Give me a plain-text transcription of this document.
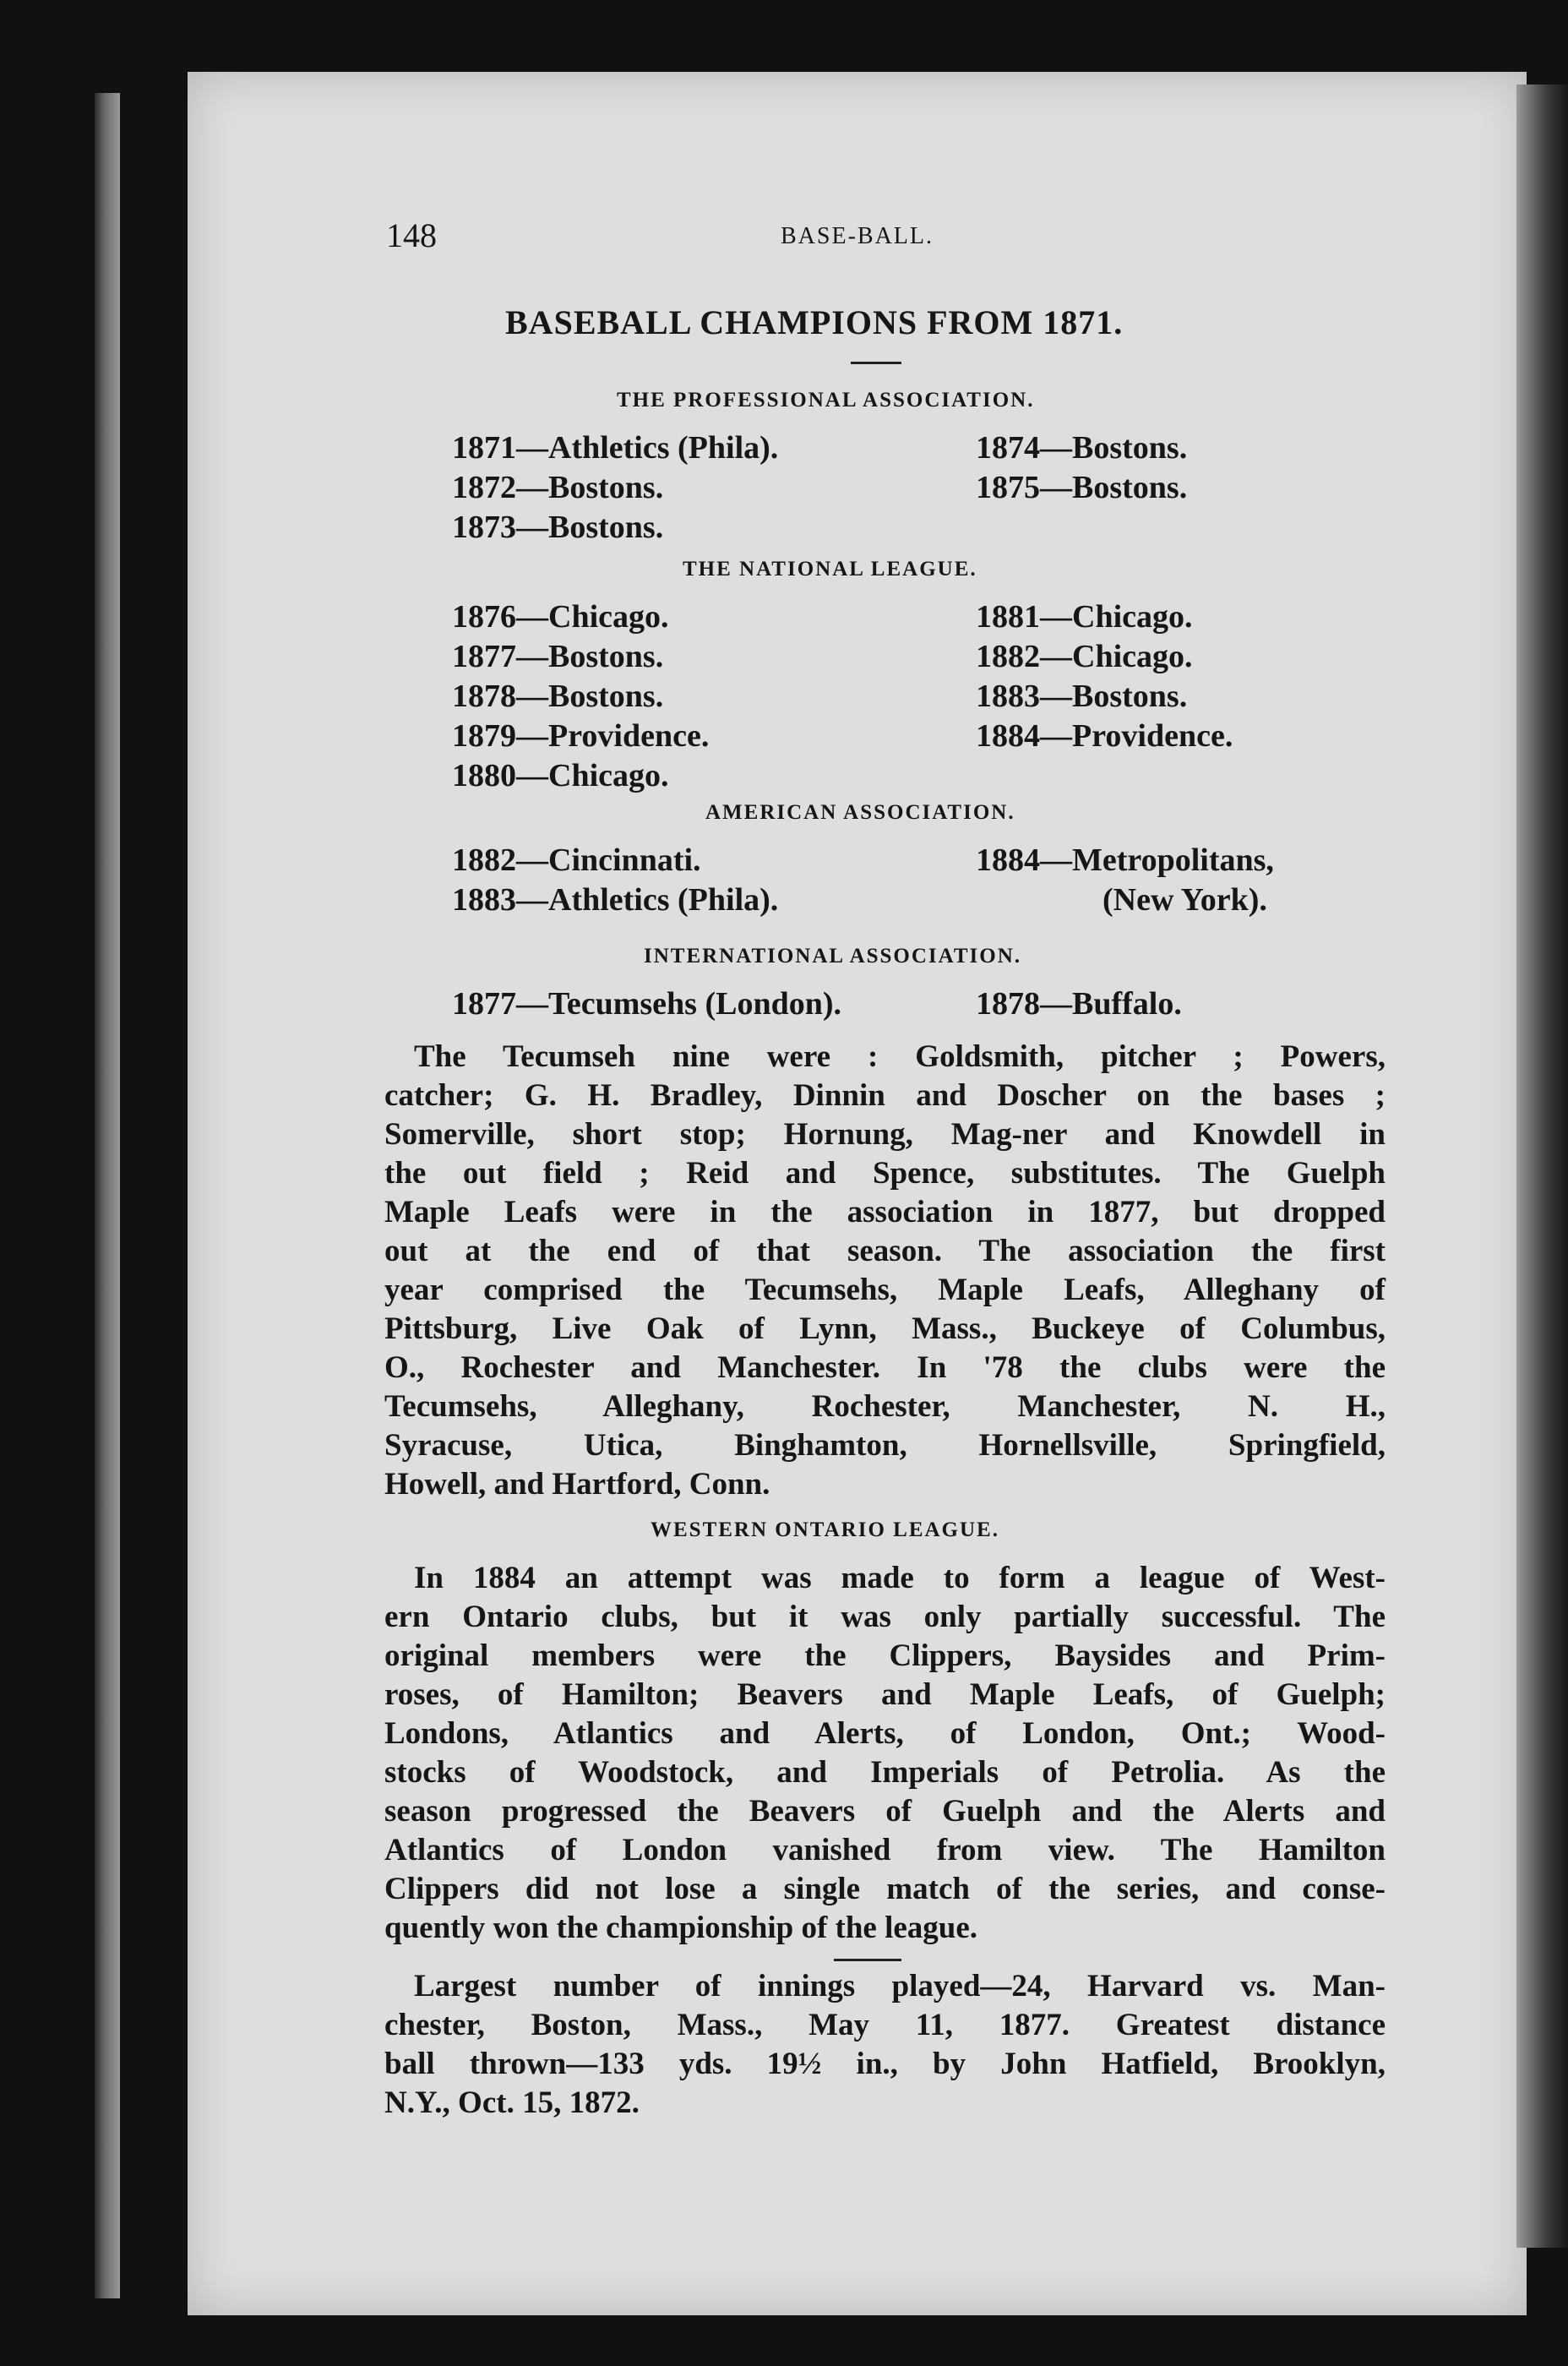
148	BASE-BALL.
BASEBALL CHAMPIONS FROM 1871.
THE PROFESSIONAL ASSOCIATION.
1871—Athletics (Phila).
1872—Bostons.
1873—Bostons.
1874—Bostons.
1875—Bostons.
THE NATIONAL LEAGUE.
1876—Chicago.
1877—Bostons.
1878—Bostons.
1879—Providence.
1880—Chicago.
1881—Chicago.
1882—Chicago.
1883—Bostons.
1884—Providence.
AMERICAN ASSOCIATION.
1882—Cincinnati.
1883—Athletics (Phila).
1884—Metropolitans,
(New York).
INTERNATIONAL ASSOCIATION.
1877—Tecumsehs (London).	1878—Buffalo.
The Tecumseh nine were : Goldsmith, pitcher ; Powers,
catcher; G. H. Bradley, Dinnin and Doscher on the bases ;
Somerville, short stop; Hornung, Mag-ner and Knowdell in
the out field ; Reid and Spence, substitutes. The Guelph
Maple Leafs were in the association in 1877, but dropped
out at the end of that season. The association the first
year comprised the Tecumsehs, Maple Leafs, Alleghany of
Pittsburg, Live Oak of Lynn, Mass., Buckeye of Columbus,
O., Rochester and Manchester. In '78 the clubs were the
Tecumsehs, Alleghany, Rochester, Manchester, N. H.,
Syracuse, Utica, Binghamton, Hornellsville, Springfield,
Howell, and Hartford, Conn.
WESTERN ONTARIO LEAGUE.
In 1884 an attempt was made to form a league of West-
ern Ontario clubs, but it was only partially successful. The
original members were the Clippers, Baysides and Prim-
roses, of Hamilton; Beavers and Maple Leafs, of Guelph;
Londons, Atlantics and Alerts, of London, Ont.; Wood-
stocks of Woodstock, and Imperials of Petrolia. As the
season progressed the Beavers of Guelph and the Alerts and
Atlantics of London vanished from view. The Hamilton
Clippers did not lose a single match of the series, and conse-
quently won the championship of the league.
Largest number of innings played—24, Harvard vs. Man-
chester, Boston, Mass., May 11, 1877. Greatest distance
ball thrown—133 yds. 19½ in., by John Hatfield, Brooklyn,
N.Y., Oct. 15, 1872.
